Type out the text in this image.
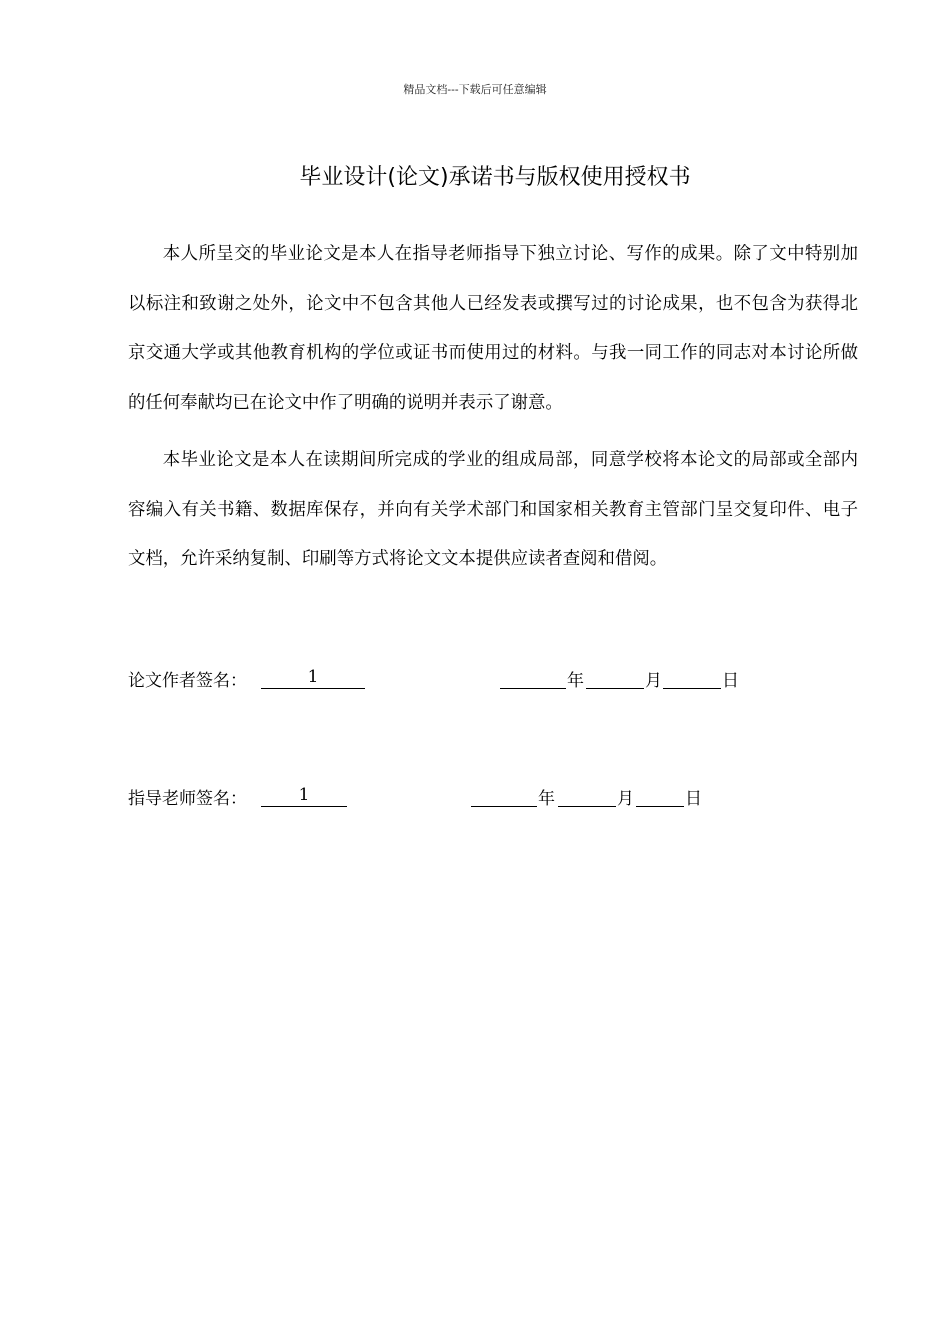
精品文档---下载后可任意编辑
毕业设计(论文)承诺书与版权使用授权书

本人所呈交的毕业论文是本人在指导老师指导下独立讨论、写作的成果。除了文中特别加以标注和致谢之处外，论文中不包含其他人已经发表或撰写过的讨论成果，也不包含为获得北京交通大学或其他教育机构的学位或证书而使用过的材料。与我一同工作的同志对本讨论所做的任何奉献均已在论文中作了明确的说明并表示了谢意。

本毕业论文是本人在读期间所完成的学业的组成局部，同意学校将本论文的局部或全部内容编入有关书籍、数据库保存，并向有关学术部门和国家相关教育主管部门呈交复印件、电子文档，允许采纳复制、印刷等方式将论文文本提供应读者查阅和借阅。

论文作者签名：	1	年	月	日
指导老师签名：	1	年	月	日
